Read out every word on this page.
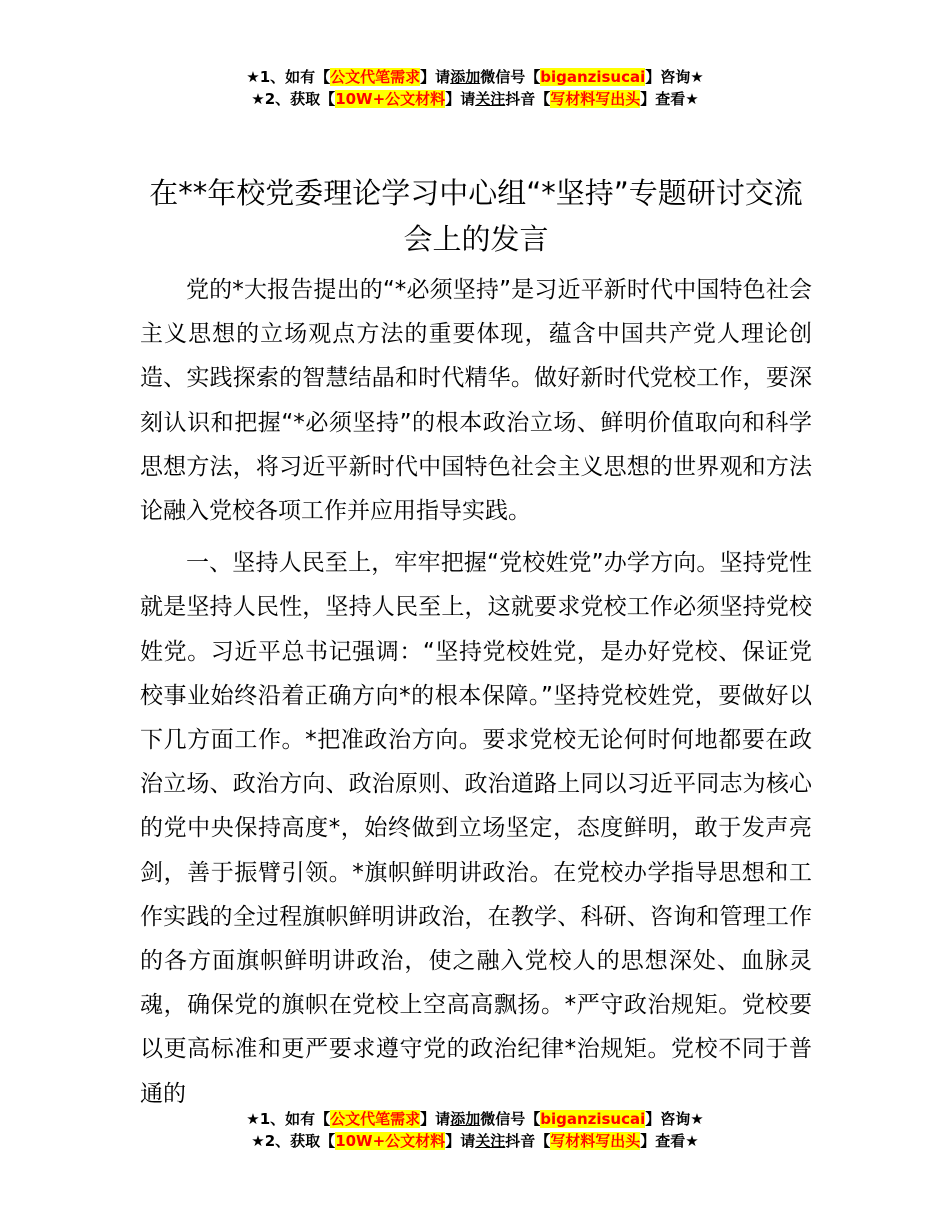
★1、如有【公文代笔需求】请添加微信号【biganzisucai】咨询★
★2、获取【10W+公文材料】请关注抖音【写材料写出头】查看★
在**年校党委理论学习中心组“*坚持”专题研讨交流会上的发言

党的*大报告提出的“*必须坚持”是习近平新时代中国特色社会主义思想的立场观点方法的重要体现，蕴含中国共产党人理论创造、实践探索的智慧结晶和时代精华。做好新时代党校工作，要深刻认识和把握“*必须坚持”的根本政治立场、鲜明价值取向和科学思想方法，将习近平新时代中国特色社会主义思想的世界观和方法论融入党校各项工作并应用指导实践。

一、坚持人民至上，牢牢把握“党校姓党”办学方向。坚持党性就是坚持人民性，坚持人民至上，这就要求党校工作必须坚持党校姓党。习近平总书记强调：“坚持党校姓党，是办好党校、保证党校事业始终沿着正确方向*的根本保障。”坚持党校姓党，要做好以下几方面工作。*把准政治方向。要求党校无论何时何地都要在政治立场、政治方向、政治原则、政治道路上同以习近平同志为核心的党中央保持高度*，始终做到立场坚定，态度鲜明，敢于发声亮剑，善于振臂引领。*旗帜鲜明讲政治。在党校办学指导思想和工作实践的全过程旗帜鲜明讲政治，在教学、科研、咨询和管理工作的各方面旗帜鲜明讲政治，使之融入党校人的思想深处、血脉灵魂，确保党的旗帜在党校上空高高飘扬。*严守政治规矩。党校要以更高标准和更严要求遵守党的政治纪律*治规矩。党校不同于普通的

★1、如有【公文代笔需求】请添加微信号【biganzisucai】咨询★
★2、获取【10W+公文材料】请关注抖音【写材料写出头】查看★
